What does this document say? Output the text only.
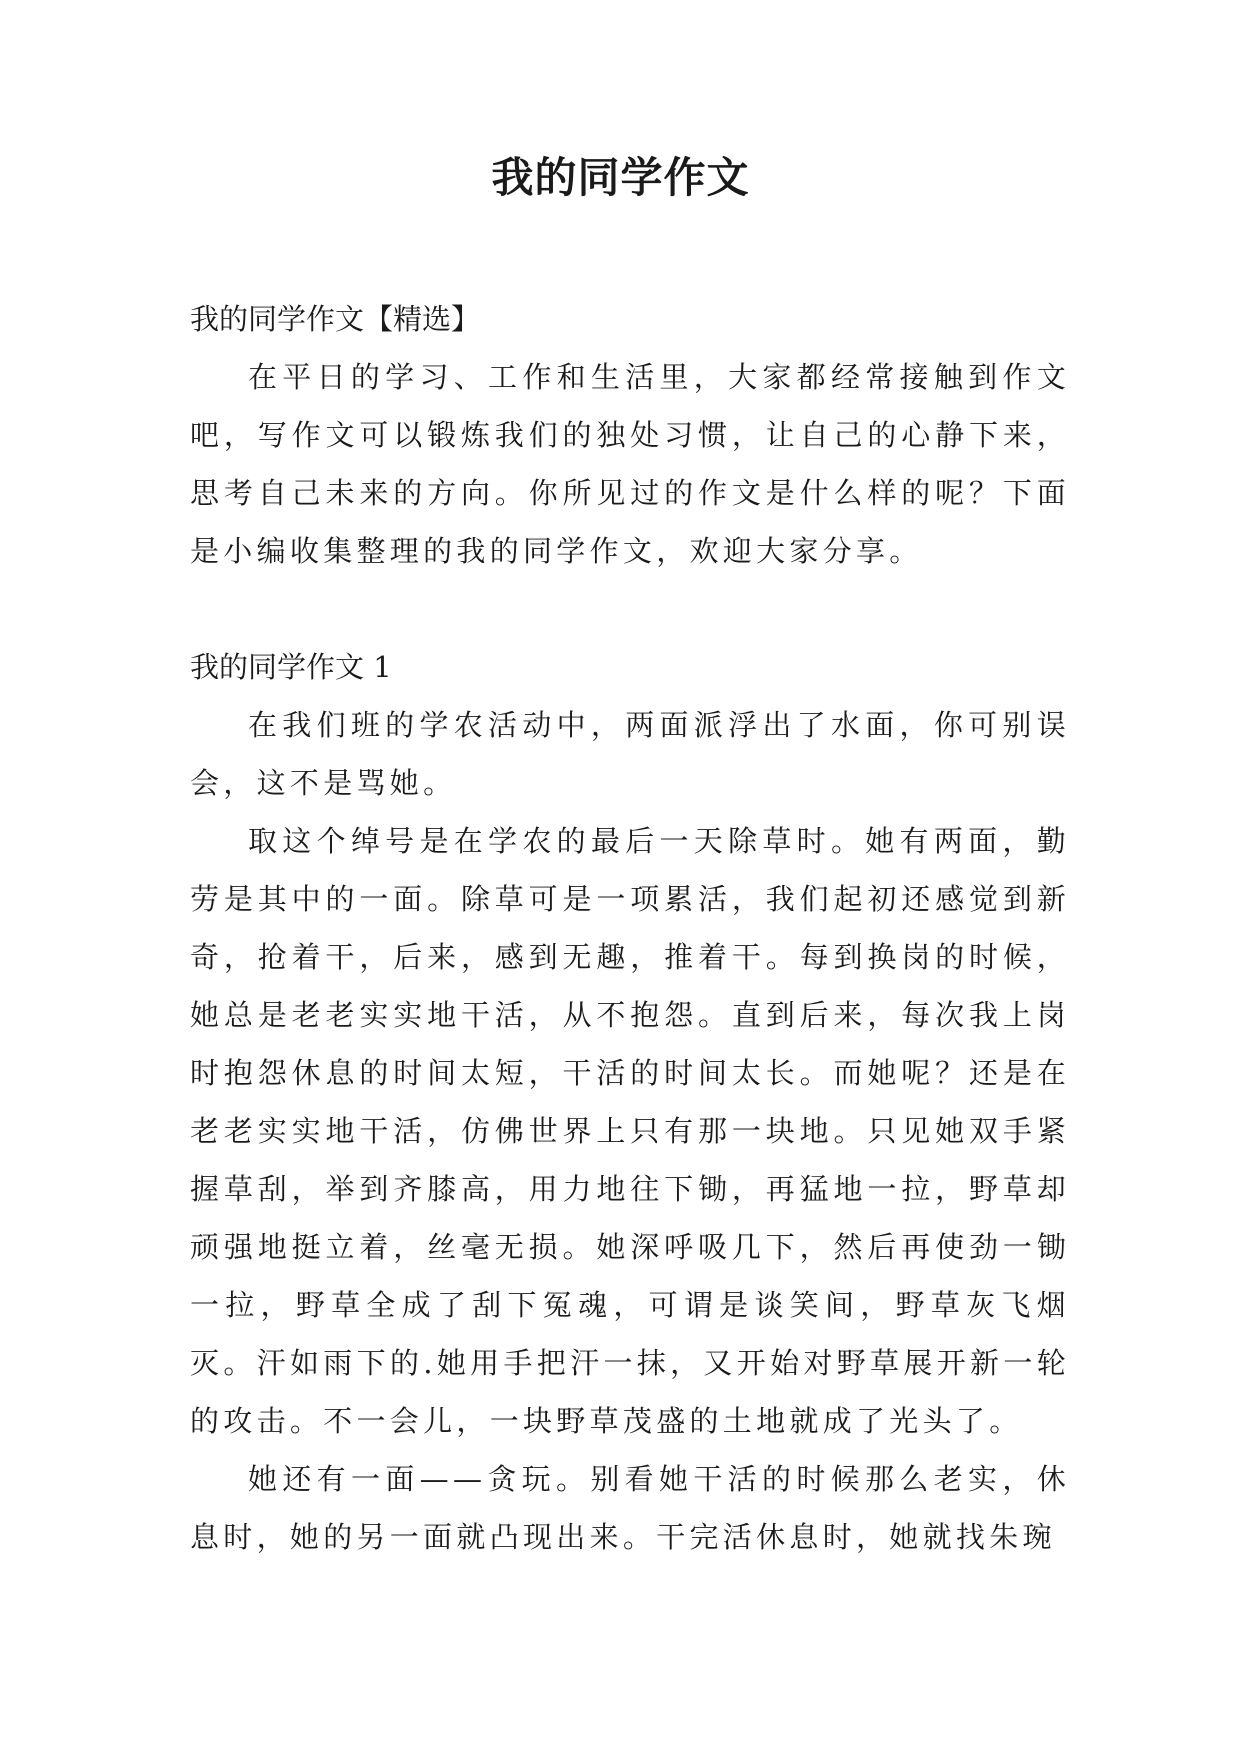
我的同学作文

我的同学作文【精选】

在平日的学习、工作和生活里，大家都经常接触到作文吧，写作文可以锻炼我们的独处习惯，让自己的心静下来，思考自己未来的方向。你所见过的作文是什么样的呢？下面是小编收集整理的我的同学作文，欢迎大家分享。

我的同学作文 1

在我们班的学农活动中，两面派浮出了水面，你可别误会，这不是骂她。

取这个绰号是在学农的最后一天除草时。她有两面，勤劳是其中的一面。除草可是一项累活，我们起初还感觉到新奇，抢着干，后来，感到无趣，推着干。每到换岗的时候，她总是老老实实地干活，从不抱怨。直到后来，每次我上岗时抱怨休息的时间太短，干活的时间太长。而她呢？还是在老老实实地干活，仿佛世界上只有那一块地。只见她双手紧握草刮，举到齐膝高，用力地往下锄，再猛地一拉，野草却顽强地挺立着，丝毫无损。她深呼吸几下，然后再使劲一锄一拉，野草全成了刮下冤魂，可谓是谈笑间，野草灰飞烟灭。汗如雨下的.她用手把汗一抹，又开始对野草展开新一轮的攻击。不一会儿，一块野草茂盛的土地就成了光头了。

她还有一面——贪玩。别看她干活的时候那么老实，休息时，她的另一面就凸现出来。干完活休息时，她就找朱琬
